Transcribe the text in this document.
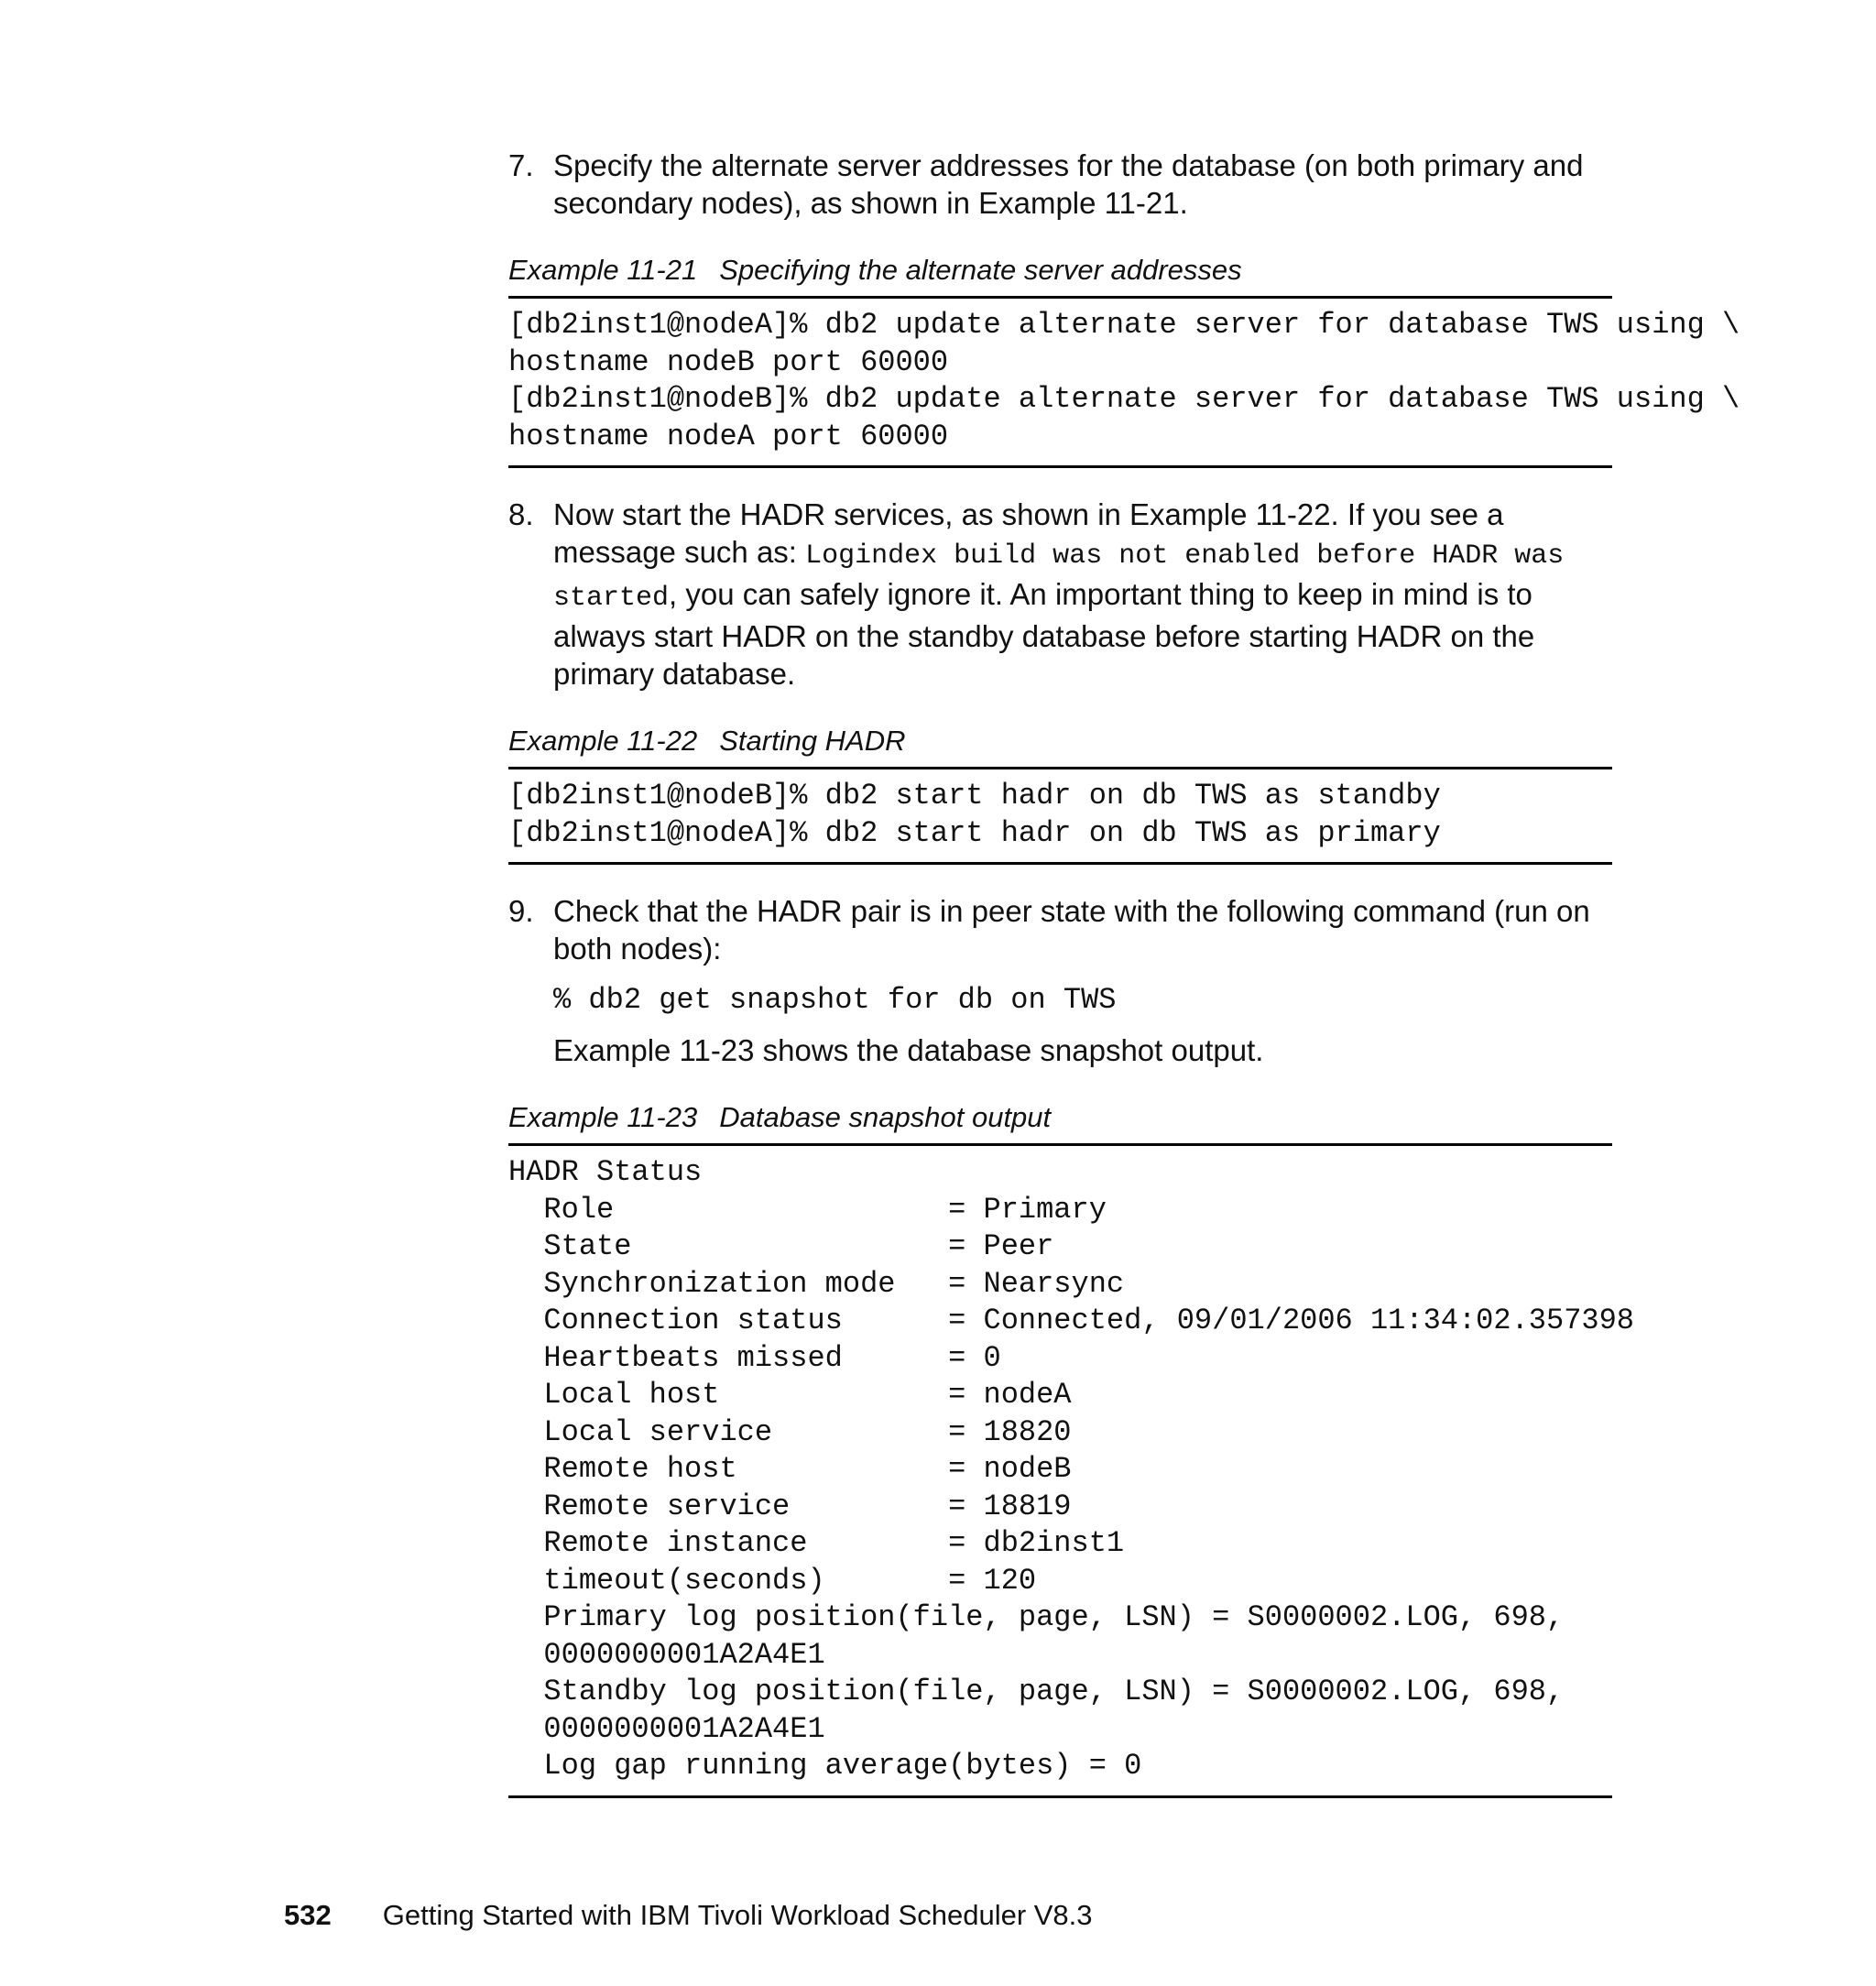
7. Specify the alternate server addresses for the database (on both primary and secondary nodes), as shown in Example 11-21.
Example 11-21 Specifying the alternate server addresses
[db2inst1@nodeA]% db2 update alternate server for database TWS using \
hostname nodeB port 60000
[db2inst1@nodeB]% db2 update alternate server for database TWS using \
hostname nodeA port 60000
8. Now start the HADR services, as shown in Example 11-22. If you see a message such as: Logindex build was not enabled before HADR was started, you can safely ignore it. An important thing to keep in mind is to always start HADR on the standby database before starting HADR on the primary database.
Example 11-22 Starting HADR
[db2inst1@nodeB]% db2 start hadr on db TWS as standby
[db2inst1@nodeA]% db2 start hadr on db TWS as primary
9. Check that the HADR pair is in peer state with the following command (run on both nodes):
% db2 get snapshot for db on TWS
Example 11-23 shows the database snapshot output.
Example 11-23 Database snapshot output
HADR Status
Role                   = Primary
State                  = Peer
Synchronization mode   = Nearsync
Connection status      = Connected, 09/01/2006 11:34:02.357398
Heartbeats missed      = 0
Local host             = nodeA
Local service          = 18820
Remote host            = nodeB
Remote service         = 18819
Remote instance        = db2inst1
timeout(seconds)       = 120
Primary log position(file, page, LSN) = S0000002.LOG, 698,
0000000001A2A4E1
Standby log position(file, page, LSN) = S0000002.LOG, 698,
0000000001A2A4E1
Log gap running average(bytes) = 0
532 Getting Started with IBM Tivoli Workload Scheduler V8.3
